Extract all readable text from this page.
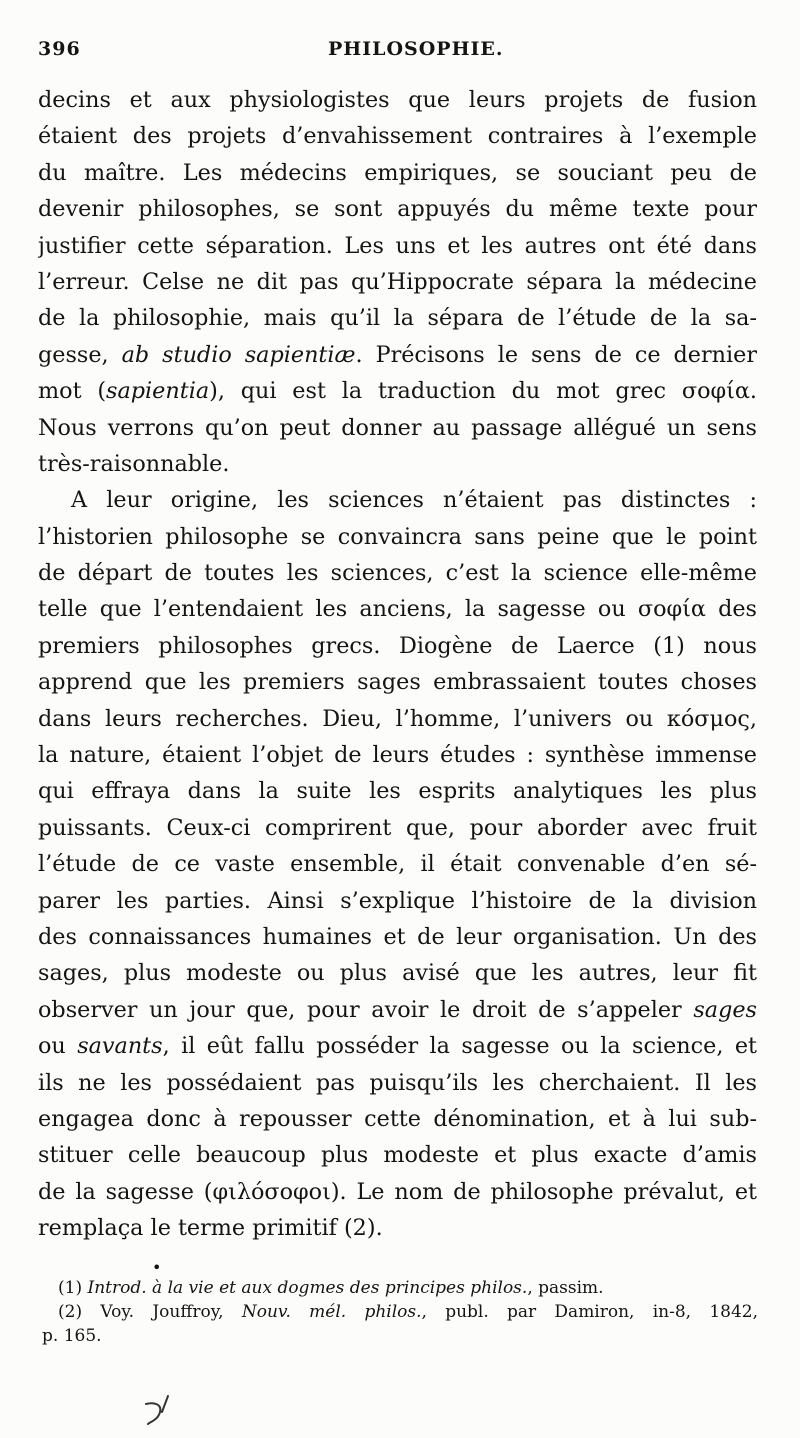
396	PHILOSOPHIE.
decins et aux physiologistes que leurs projets de fusion
étaient des projets d’envahissement contraires à l’exemple
du maître. Les médecins empiriques, se souciant peu de
devenir philosophes, se sont appuyés du même texte pour
justifier cette séparation. Les uns et les autres ont été dans
l’erreur. Celse ne dit pas qu’Hippocrate sépara la médecine
de la philosophie, mais qu’il la sépara de l’étude de la sa-
gesse, ab studio sapientiæ. Précisons le sens de ce dernier
mot (sapientia), qui est la traduction du mot grec σοφία.
Nous verrons qu’on peut donner au passage allégué un sens
très-raisonnable.
A leur origine, les sciences n’étaient pas distinctes :
l’historien philosophe se convaincra sans peine que le point
de départ de toutes les sciences, c’est la science elle-même
telle que l’entendaient les anciens, la sagesse ou σοφία des
premiers philosophes grecs. Diogène de Laerce (1) nous
apprend que les premiers sages embrassaient toutes choses
dans leurs recherches. Dieu, l’homme, l’univers ou κόσμος,
la nature, étaient l’objet de leurs études : synthèse immense
qui effraya dans la suite les esprits analytiques les plus
puissants. Ceux-ci comprirent que, pour aborder avec fruit
l’étude de ce vaste ensemble, il était convenable d’en sé-
parer les parties. Ainsi s’explique l’histoire de la division
des connaissances humaines et de leur organisation. Un des
sages, plus modeste ou plus avisé que les autres, leur fit
observer un jour que, pour avoir le droit de s’appeler sages
ou savants, il eût fallu posséder la sagesse ou la science, et
ils ne les possédaient pas puisqu’ils les cherchaient. Il les
engagea donc à repousser cette dénomination, et à lui sub-
stituer celle beaucoup plus modeste et plus exacte d’amis
de la sagesse (φιλόσοφοι). Le nom de philosophe prévalut, et
remplaça le terme primitif (2).
•
(1) Introd. à la vie et aux dogmes des principes philos., passim.
(2) Voy. Jouffroy, Nouv. mél. philos., publ. par Damiron, in-8, 1842,
p. 165.
